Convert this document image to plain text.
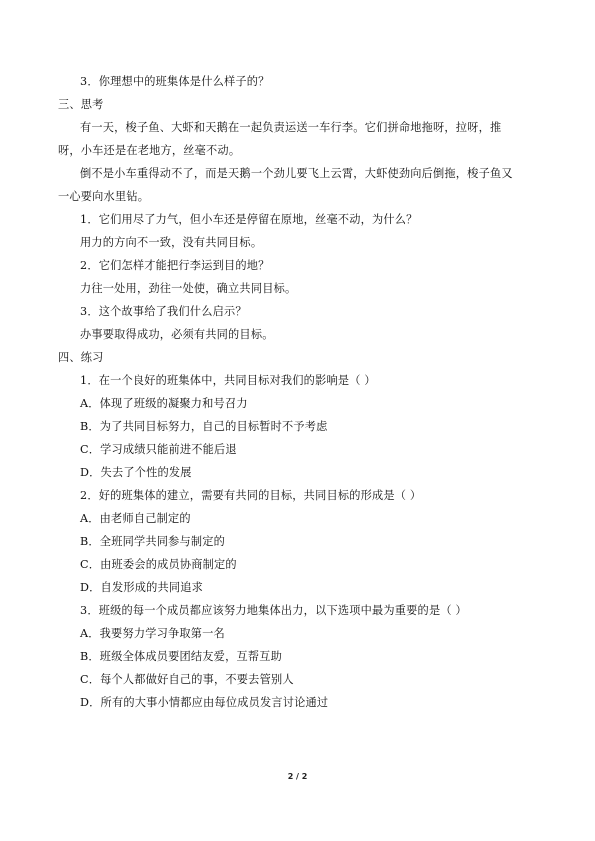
3．你理想中的班集体是什么样子的？
三、思考
有一天，梭子鱼、大虾和天鹅在一起负责运送一车行李。它们拼命地拖呀，拉呀，推
呀，小车还是在老地方，丝毫不动。
倒不是小车重得动不了，而是天鹅一个劲儿要飞上云霄，大虾使劲向后倒拖，梭子鱼又
一心要向水里钻。
1．它们用尽了力气，但小车还是停留在原地，丝毫不动，为什么？
用力的方向不一致，没有共同目标。
2．它们怎样才能把行李运到目的地？
力往一处用，劲往一处使，确立共同目标。
3．这个故事给了我们什么启示？
办事要取得成功，必须有共同的目标。
四、练习
1．在一个良好的班集体中，共同目标对我们的影响是（ ）
A．体现了班级的凝聚力和号召力
B．为了共同目标努力，自己的目标暂时不予考虑
C．学习成绩只能前进不能后退
D．失去了个性的发展
2．好的班集体的建立，需要有共同的目标，共同目标的形成是（ ）
A．由老师自己制定的
B．全班同学共同参与制定的
C．由班委会的成员协商制定的
D．自发形成的共同追求
3．班级的每一个成员都应该努力地集体出力，以下选项中最为重要的是（ ）
A．我要努力学习争取第一名
B．班级全体成员要团结友爱，互帮互助
C．每个人都做好自己的事，不要去管别人
D．所有的大事小情都应由每位成员发言讨论通过
2 / 2
